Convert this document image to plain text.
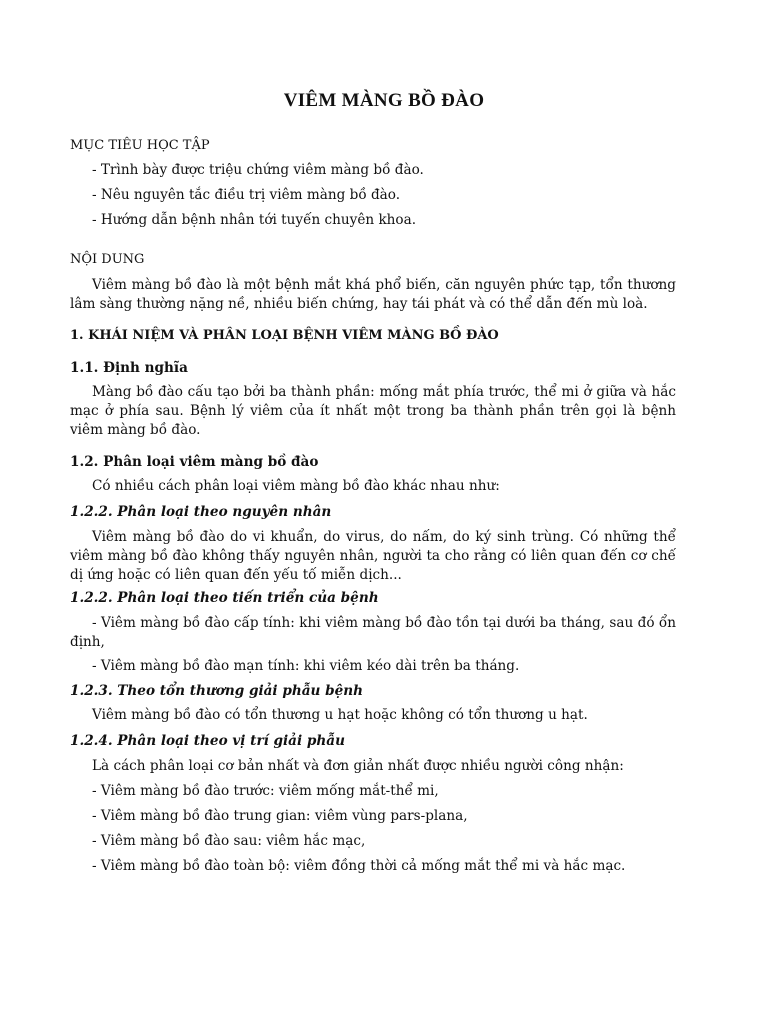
VIÊM MÀNG BỒ ĐÀO
MỤC TIÊU HỌC TẬP
- Trình bày được triệu chứng viêm màng bồ đào.
- Nêu nguyên tắc điều trị viêm màng bồ đào.
- Hướng dẫn bệnh nhân tới tuyến chuyên khoa.
NỘI DUNG
Viêm màng bồ đào là một bệnh mắt khá phổ biến, căn nguyên phức tạp, tổn thương
lâm sàng thường nặng nề, nhiều biến chứng, hay tái phát và có thể dẫn đến mù loà.
1. KHÁI NIỆM VÀ PHÂN LOẠI BỆNH VIÊM MÀNG BỒ ĐÀO
1.1. Định nghĩa
Màng bồ đào cấu tạo bởi ba thành phần: mống mắt phía trước, thể mi ở giữa và hắc
mạc ở phía sau. Bệnh lý viêm của ít nhất một trong ba thành phần trên gọi là bệnh
viêm màng bồ đào.
1.2. Phân loại viêm màng bồ đào
Có nhiều cách phân loại viêm màng bồ đào khác nhau như:
1.2.2. Phân loại theo nguyên nhân
Viêm màng bồ đào do vi khuẩn, do virus, do nấm, do ký sinh trùng. Có những thể
viêm màng bồ đào không thấy nguyên nhân, người ta cho rằng có liên quan đến cơ chế
dị ứng hoặc có liên quan đến yếu tố miễn dịch...
1.2.2. Phân loại theo tiến triển của bệnh
- Viêm màng bồ đào cấp tính: khi viêm màng bồ đào tồn tại dưới ba tháng, sau đó ổn
định,
- Viêm màng bồ đào mạn tính: khi viêm kéo dài trên ba tháng.
1.2.3. Theo tổn thương giải phẫu bệnh
Viêm màng bồ đào có tổn thương u hạt hoặc không có tổn thương u hạt.
1.2.4. Phân loại theo vị trí giải phẫu
Là cách phân loại cơ bản nhất và đơn giản nhất được nhiều người công nhận:
- Viêm màng bồ đào trước: viêm mống mắt-thể mi,
- Viêm màng bồ đào trung gian: viêm vùng pars-plana,
- Viêm màng bồ đào sau: viêm hắc mạc,
- Viêm màng bồ đào toàn bộ: viêm đồng thời cả mống mắt thể mi và hắc mạc.
